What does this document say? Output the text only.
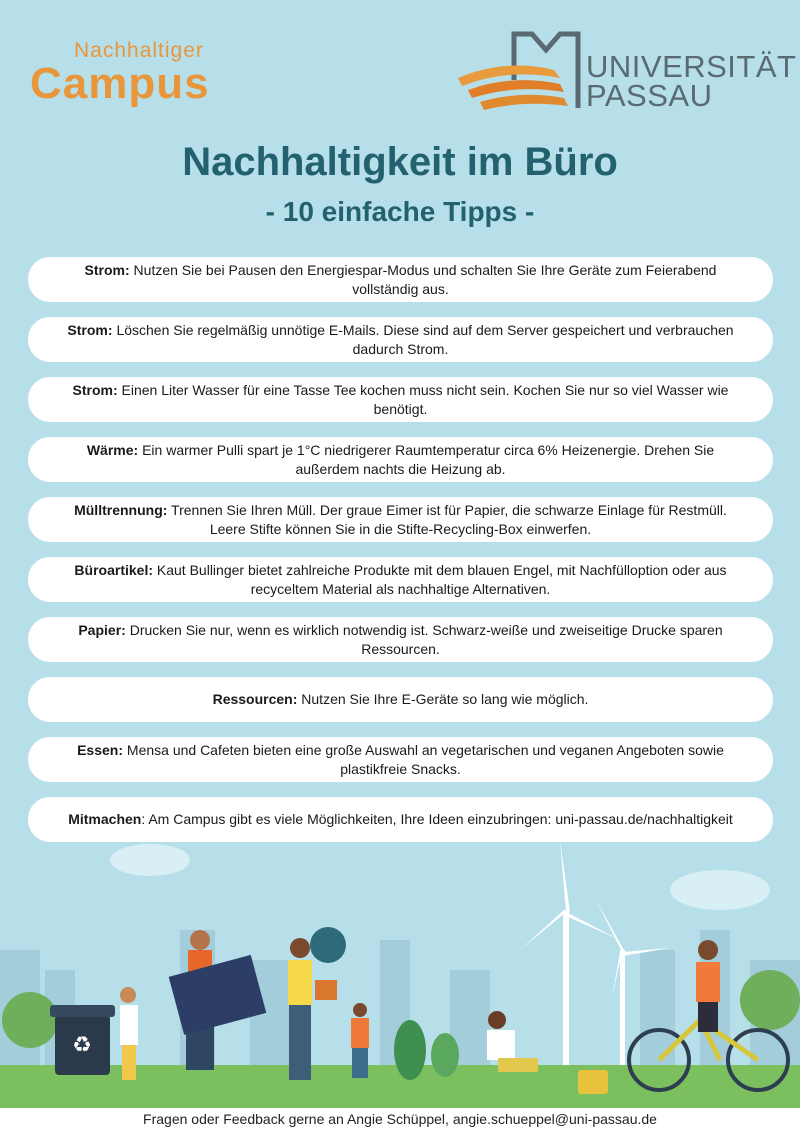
Nachhaltiger
Campus	UNIVERSITÄT
PASSAU
Nachhaltigkeit im Büro
- 10 einfache Tipps -
Strom: Nutzen Sie bei Pausen den Energiespar-Modus und schalten Sie Ihre Geräte zum Feierabend vollständig aus.
Strom: Löschen Sie regelmäßig unnötige E-Mails. Diese sind auf dem Server gespeichert und verbrauchen dadurch Strom.
Strom: Einen Liter Wasser für eine Tasse Tee kochen muss nicht sein. Kochen Sie nur so viel Wasser wie benötigt.
Wärme: Ein warmer Pulli spart je 1°C niedrigerer Raumtemperatur circa 6% Heizenergie. Drehen Sie außerdem nachts die Heizung ab.
Mülltrennung: Trennen Sie Ihren Müll. Der graue Eimer ist für Papier, die schwarze Einlage für Restmüll. Leere Stifte können Sie in die Stifte-Recycling-Box einwerfen.
Büroartikel: Kaut Bullinger bietet zahlreiche Produkte mit dem blauen Engel, mit Nachfülloption oder aus recyceltem Material als nachhaltige Alternativen.
Papier: Drucken Sie nur, wenn es wirklich notwendig ist. Schwarz-weiße und zweiseitige Drucke sparen Ressourcen.
Ressourcen: Nutzen Sie Ihre E-Geräte so lang wie möglich.
Essen: Mensa und Cafeten bieten eine große Auswahl an vegetarischen und veganen Angeboten sowie plastikfreie Snacks.
Mitmachen: Am Campus gibt es viele Möglichkeiten, Ihre Ideen einzubringen: uni-passau.de/nachhaltigkeit
♻
Fragen oder Feedback gerne an Angie Schüppel, angie.schueppel@uni-passau.de
